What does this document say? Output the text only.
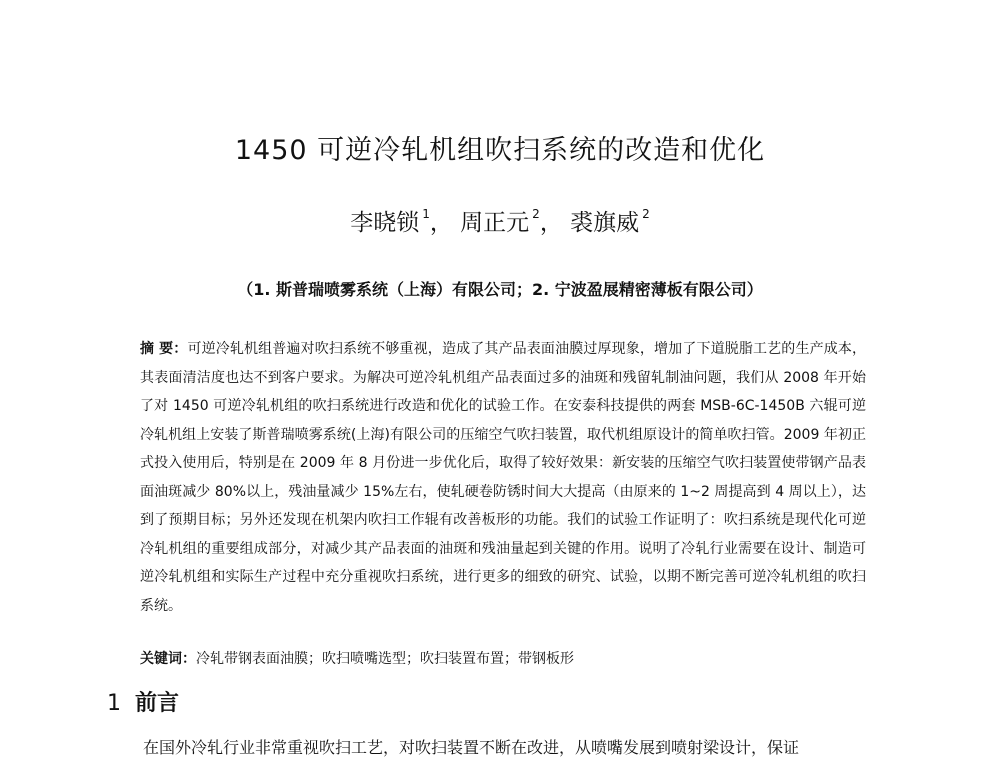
1450 可逆冷轧机组吹扫系统的改造和优化
李晓锁 $^1$， 周正元 $^2$， 裘旗威 $^2$
（1. 斯普瑞喷雾系统（上海）有限公司；2. 宁波盈展精密薄板有限公司）
摘 要：可逆冷轧机组普遍对吹扫系统不够重视，造成了其产品表面油膜过厚现象，增加了下道脱脂工艺的生产成本，其表面清洁度也达不到客户要求。为解决可逆冷轧机组产品表面过多的油斑和残留轧制油问题，我们从 2008 年开始了对 1450 可逆冷轧机组的吹扫系统进行改造和优化的试验工作。在安泰科技提供的两套 MSB-6C-1450B 六辊可逆冷轧机组上安装了斯普瑞喷雾系统(上海)有限公司的压缩空气吹扫装置，取代机组原设计的简单吹扫管。2009 年初正式投入使用后，特别是在 2009 年 8 月份进一步优化后，取得了较好效果：新安装的压缩空气吹扫装置使带钢产品表面油斑减少 80%以上，残油量减少 15%左右，使轧硬卷防锈时间大大提高（由原来的 1~2 周提高到 4 周以上），达到了预期目标；另外还发现在机架内吹扫工作辊有改善板形的功能。我们的试验工作证明了：吹扫系统是现代化可逆冷轧机组的重要组成部分，对减少其产品表面的油斑和残油量起到关键的作用。说明了冷轧行业需要在设计、制造可逆冷轧机组和实际生产过程中充分重视吹扫系统，进行更多的细致的研究、试验，以期不断完善可逆冷轧机组的吹扫系统。
关键词：冷轧带钢表面油膜；吹扫喷嘴选型；吹扫装置布置；带钢板形
1 前言
在国外冷轧行业非常重视吹扫工艺，对吹扫装置不断在改进，从喷嘴发展到喷射梁设计，保证
